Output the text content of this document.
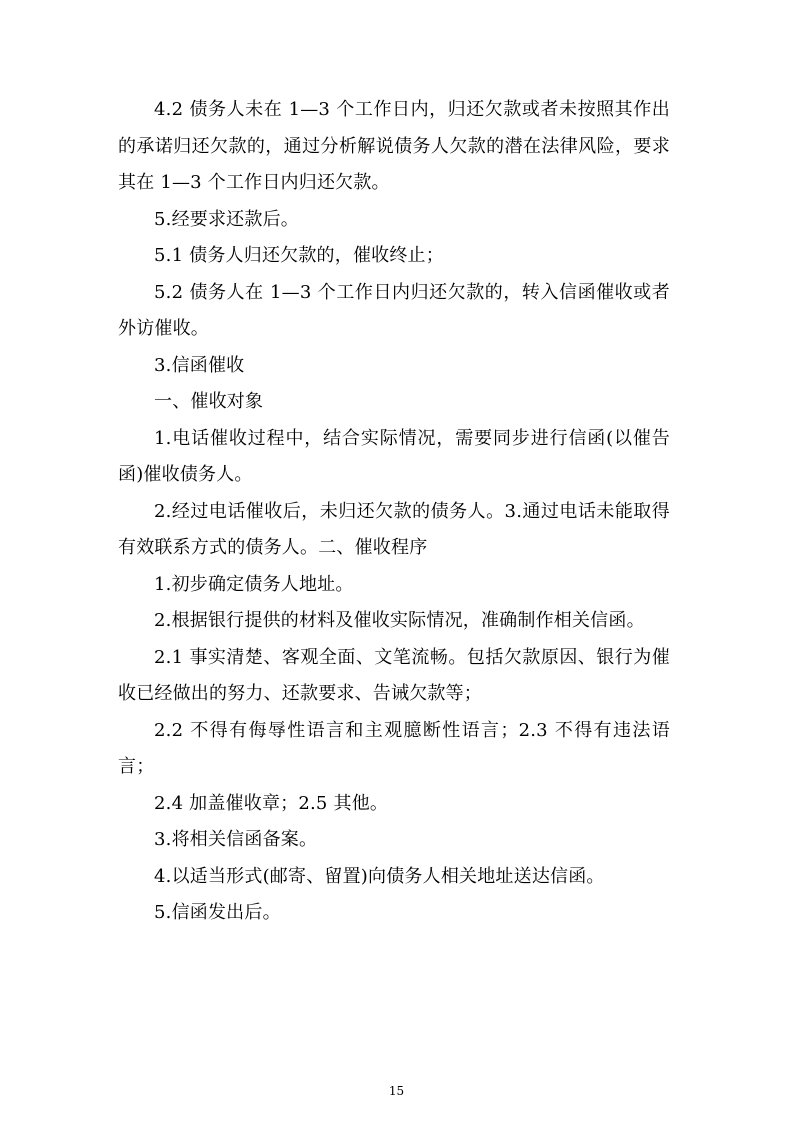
4.2 债务人未在 1—3 个工作日内，归还欠款或者未按照其作出的承诺归还欠款的，通过分析解说债务人欠款的潜在法律风险，要求其在 1—3 个工作日内归还欠款。

5.经要求还款后。

5.1 债务人归还欠款的，催收终止；

5.2 债务人在 1—3 个工作日内归还欠款的，转入信函催收或者外访催收。

3.信函催收

一、催收对象

1.电话催收过程中，结合实际情况，需要同步进行信函(以催告函)催收债务人。

2.经过电话催收后，未归还欠款的债务人。3.通过电话未能取得有效联系方式的债务人。二、催收程序

1.初步确定债务人地址。

2.根据银行提供的材料及催收实际情况，准确制作相关信函。

2.1 事实清楚、客观全面、文笔流畅。包括欠款原因、银行为催收已经做出的努力、还款要求、告诫欠款等；

2.2 不得有侮辱性语言和主观臆断性语言；2.3 不得有违法语言；

2.4 加盖催收章；2.5 其他。

3.将相关信函备案。

4.以适当形式(邮寄、留置)向债务人相关地址送达信函。

5.信函发出后。

15
